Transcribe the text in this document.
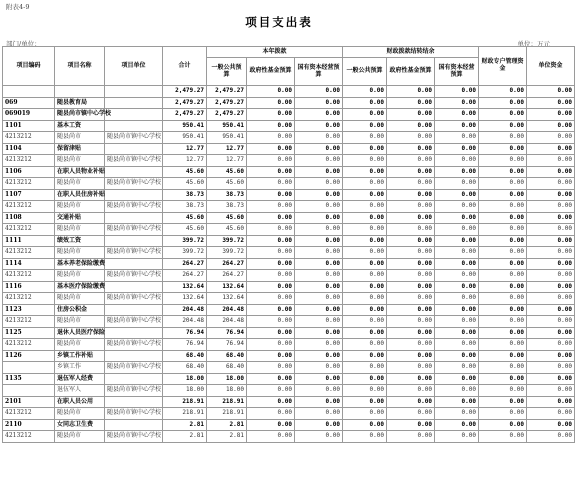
附表4-9
项目支出表
部门/单位：	单位：万元
项目编码	项目名称	项目单位	合计	本年拨款			财政拨款结转结余			财政专户管理资金	单位资金
				一般公共预算	政府性基金预算	国有资本经营预算	一般公共预算	政府性基金预算	国有资本经营预算		
			2,479.27	2,479.27	0.00	0.00	0.00	0.00	0.00	0.00	0.00
069	随县教育局		2,479.27	2,479.27	0.00	0.00	0.00	0.00	0.00	0.00	0.00
069019	随县尚市镇中心学校		2,479.27	2,479.27	0.00	0.00	0.00	0.00	0.00	0.00	0.00
1101	基本工资		950.41	950.41	0.00	0.00	0.00	0.00	0.00	0.00	0.00
4213212	随县尚市	随县尚市镇中心学校	950.41	950.41	0.00	0.00	0.00	0.00	0.00	0.00	0.00
1104	保留津贴		12.77	12.77	0.00	0.00	0.00	0.00	0.00	0.00	0.00
4213212	随县尚市	随县尚市镇中心学校	12.77	12.77	0.00	0.00	0.00	0.00	0.00	0.00	0.00
1106	在职人员物业补贴		45.60	45.60	0.00	0.00	0.00	0.00	0.00	0.00	0.00
4213212	随县尚市	随县尚市镇中心学校	45.60	45.60	0.00	0.00	0.00	0.00	0.00	0.00	0.00
1107	在职人员住房补贴		38.73	38.73	0.00	0.00	0.00	0.00	0.00	0.00	0.00
4213212	随县尚市	随县尚市镇中心学校	38.73	38.73	0.00	0.00	0.00	0.00	0.00	0.00	0.00
1108	交通补贴		45.60	45.60	0.00	0.00	0.00	0.00	0.00	0.00	0.00
4213212	随县尚市	随县尚市镇中心学校	45.60	45.60	0.00	0.00	0.00	0.00	0.00	0.00	0.00
1111	绩效工资		399.72	399.72	0.00	0.00	0.00	0.00	0.00	0.00	0.00
4213212	随县尚市	随县尚市镇中心学校	399.72	399.72	0.00	0.00	0.00	0.00	0.00	0.00	0.00
1114	基本养老保险缴费		264.27	264.27	0.00	0.00	0.00	0.00	0.00	0.00	0.00
4213212	随县尚市	随县尚市镇中心学校	264.27	264.27	0.00	0.00	0.00	0.00	0.00	0.00	0.00
1116	基本医疗保险缴费		132.64	132.64	0.00	0.00	0.00	0.00	0.00	0.00	0.00
4213212	随县尚市	随县尚市镇中心学校	132.64	132.64	0.00	0.00	0.00	0.00	0.00	0.00	0.00
1123	住房公积金		204.48	204.48	0.00	0.00	0.00	0.00	0.00	0.00	0.00
4213212	随县尚市	随县尚市镇中心学校	204.48	204.48	0.00	0.00	0.00	0.00	0.00	0.00	0.00
1125	退休人员医疗保险		76.94	76.94	0.00	0.00	0.00	0.00	0.00	0.00	0.00
4213212	随县尚市	随县尚市镇中心学校	76.94	76.94	0.00	0.00	0.00	0.00	0.00	0.00	0.00
1126	乡镇工作补贴		68.40	68.40	0.00	0.00	0.00	0.00	0.00	0.00	0.00
	乡镇工作	随县尚市镇中心学校	68.40	68.40	0.00	0.00	0.00	0.00	0.00	0.00	0.00
1135	退伍军人经费		18.00	18.00	0.00	0.00	0.00	0.00	0.00	0.00	0.00
	退伍军人	随县尚市镇中心学校	18.00	18.00	0.00	0.00	0.00	0.00	0.00	0.00	0.00
2101	在职人员公用		218.91	218.91	0.00	0.00	0.00	0.00	0.00	0.00	0.00
4213212	随县尚市	随县尚市镇中心学校	218.91	218.91	0.00	0.00	0.00	0.00	0.00	0.00	0.00
2110	女同志卫生费		2.81	2.81	0.00	0.00	0.00	0.00	0.00	0.00	0.00
4213212	随县尚市	随县尚市镇中心学校	2.81	2.81	0.00	0.00	0.00	0.00	0.00	0.00	0.00
